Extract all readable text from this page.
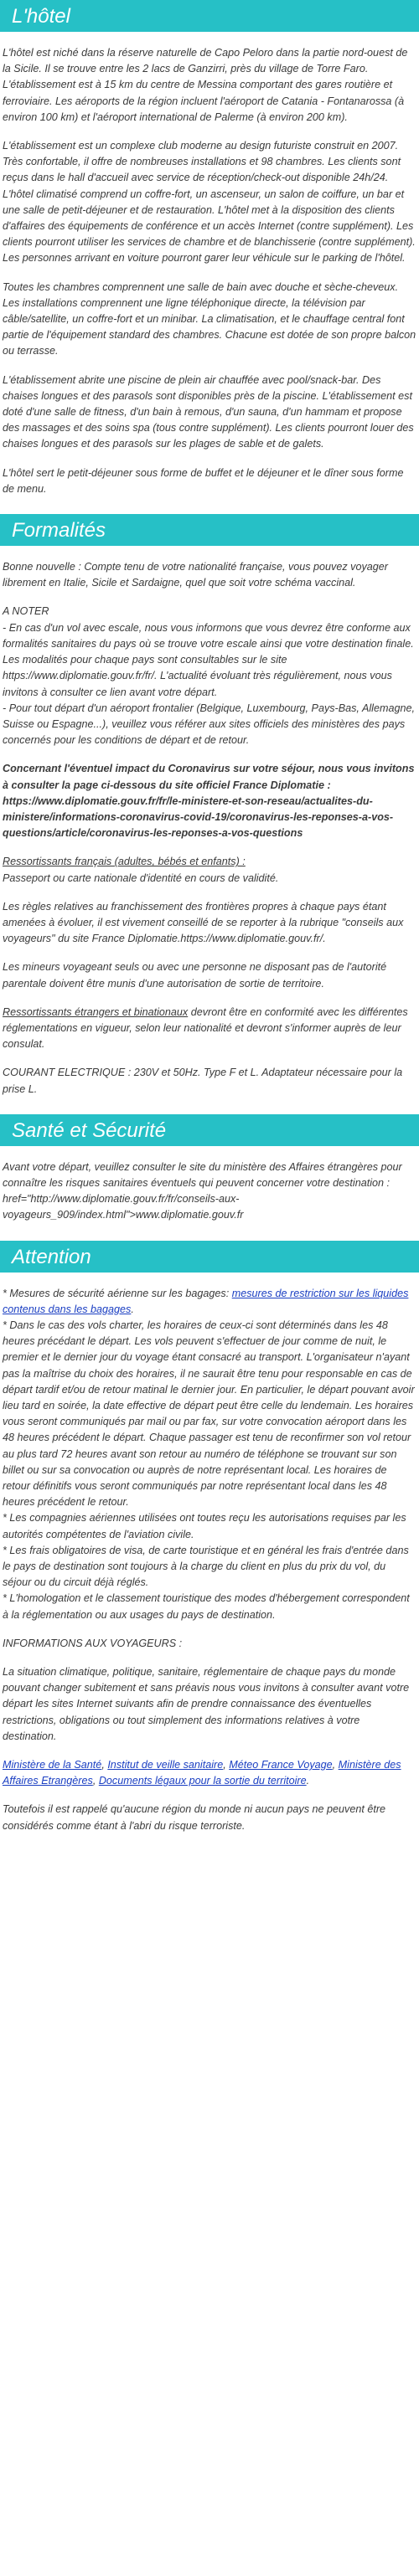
L'hôtel

L'hôtel est niché dans la réserve naturelle de Capo Peloro dans la partie nord-ouest de la Sicile. Il se trouve entre les 2 lacs de Ganzirri, près du village de Torre Faro. L'établissement est à 15 km du centre de Messina comportant des gares routière et ferroviaire. Les aéroports de la région incluent l'aéroport de Catania - Fontanarossa (à environ 100 km) et l'aéroport international de Palerme (à environ 200 km).

L'établissement est un complexe club moderne au design futuriste construit en 2007. Très confortable, il offre de nombreuses installations et 98 chambres. Les clients sont reçus dans le hall d'accueil avec service de réception/check-out disponible 24h/24. L'hôtel climatisé comprend un coffre-fort, un ascenseur, un salon de coiffure, un bar et une salle de petit-déjeuner et de restauration. L'hôtel met à la disposition des clients d'affaires des équipements de conférence et un accès Internet (contre supplément). Les clients pourront utiliser les services de chambre et de blanchisserie (contre supplément). Les personnes arrivant en voiture pourront garer leur véhicule sur le parking de l'hôtel.

Toutes les chambres comprennent une salle de bain avec douche et sèche-cheveux. Les installations comprennent une ligne téléphonique directe, la télévision par câble/satellite, un coffre-fort et un minibar. La climatisation, et le chauffage central font partie de l'équipement standard des chambres. Chacune est dotée de son propre balcon ou terrasse.

L'établissement abrite une piscine de plein air chauffée avec pool/snack-bar. Des chaises longues et des parasols sont disponibles près de la piscine. L'établissement est doté d'une salle de fitness, d'un bain à remous, d'un sauna, d'un hammam et propose des massages et des soins spa (tous contre supplément). Les clients pourront louer des chaises longues et des parasols sur les plages de sable et de galets.

L'hôtel sert le petit-déjeuner sous forme de buffet et le déjeuner et le dîner sous forme de menu.

Formalités

Bonne nouvelle : Compte tenu de votre nationalité française, vous pouvez voyager librement en Italie, Sicile et Sardaigne, quel que soit votre schéma vaccinal.

A NOTER

- En cas d'un vol avec escale, nous vous informons que vous devrez être conforme aux formalités sanitaires du pays où se trouve votre escale ainsi que votre destination finale.

Les modalités pour chaque pays sont consultables sur le site https://www.diplomatie.gouv.fr/fr/. L'actualité évoluant très régulièrement, nous vous invitons à consulter ce lien avant votre départ.

- Pour tout départ d'un aéroport frontalier (Belgique, Luxembourg, Pays-Bas, Allemagne, Suisse ou Espagne...), veuillez vous référer aux sites officiels des ministères des pays concernés pour les conditions de départ et de retour.

Concernant l'éventuel impact du Coronavirus sur votre séjour, nous vous invitons à consulter la page ci-dessous du site officiel France Diplomatie : https://www.diplomatie.gouv.fr/fr/le-ministere-et-son-reseau/actualites-du-ministere/informations-coronavirus-covid-19/coronavirus-les-reponses-a-vos-questions/article/coronavirus-les-reponses-a-vos-questions

Ressortissants français (adultes, bébés et enfants) :
Passeport ou carte nationale d'identité en cours de validité.

Les règles relatives au franchissement des frontières propres à chaque pays étant amenées à évoluer, il est vivement conseillé de se reporter à la rubrique "conseils aux voyageurs" du site France Diplomatie.https://www.diplomatie.gouv.fr/.

Les mineurs voyageant seuls ou avec une personne ne disposant pas de l'autorité parentale doivent être munis d'une autorisation de sortie de territoire.

Ressortissants étrangers et binationaux devront être en conformité avec les différentes réglementations en vigueur, selon leur nationalité et devront s'informer auprès de leur consulat.

COURANT ELECTRIQUE : 230V et 50Hz. Type F et L. Adaptateur nécessaire pour la prise L.

Santé et Sécurité

Avant votre départ, veuillez consulter le site du ministère des Affaires étrangères pour connaître les risques sanitaires éventuels qui peuvent concerner votre destination : href="http://www.diplomatie.gouv.fr/fr/conseils-aux-voyageurs_909/index.html">www.diplomatie.gouv.fr

Attention

* Mesures de sécurité aérienne sur les bagages: mesures de restriction sur les liquides contenus dans les bagages.

* Dans le cas des vols charter, les horaires de ceux-ci sont déterminés dans les 48 heures précédant le départ. Les vols peuvent s'effectuer de jour comme de nuit, le premier et le dernier jour du voyage étant consacré au transport. L'organisateur n'ayant pas la maîtrise du choix des horaires, il ne saurait être tenu pour responsable en cas de départ tardif et/ou de retour matinal le dernier jour. En particulier, le départ pouvant avoir lieu tard en soirée, la date effective de départ peut être celle du lendemain. Les horaires vous seront communiqués par mail ou par fax, sur votre convocation aéroport dans les 48 heures précédent le départ. Chaque passager est tenu de reconfirmer son vol retour au plus tard 72 heures avant son retour au numéro de téléphone se trouvant sur son billet ou sur sa convocation ou auprès de notre représentant local. Les horaires de retour définitifs vous seront communiqués par notre représentant local dans les 48 heures précédent le retour.

* Les compagnies aériennes utilisées ont toutes reçu les autorisations requises par les autorités compétentes de l'aviation civile.

* Les frais obligatoires de visa, de carte touristique et en général les frais d'entrée dans le pays de destination sont toujours à la charge du client en plus du prix du vol, du séjour ou du circuit déjà réglés.

* L'homologation et le classement touristique des modes d'hébergement correspondent à la réglementation ou aux usages du pays de destination.

INFORMATIONS AUX VOYAGEURS :

La situation climatique, politique, sanitaire, réglementaire de chaque pays du monde pouvant changer subitement et sans préavis nous vous invitons à consulter avant votre départ les sites Internet suivants afin de prendre connaissance des éventuelles restrictions, obligations ou tout simplement des informations relatives à votre destination.

Ministère de la Santé, Institut de veille sanitaire, Méteo France Voyage, Ministère des Affaires Etrangères, Documents légaux pour la sortie du territoire.

Toutefois il est rappelé qu'aucune région du monde ni aucun pays ne peuvent être considérés comme étant à l'abri du risque terroriste.
